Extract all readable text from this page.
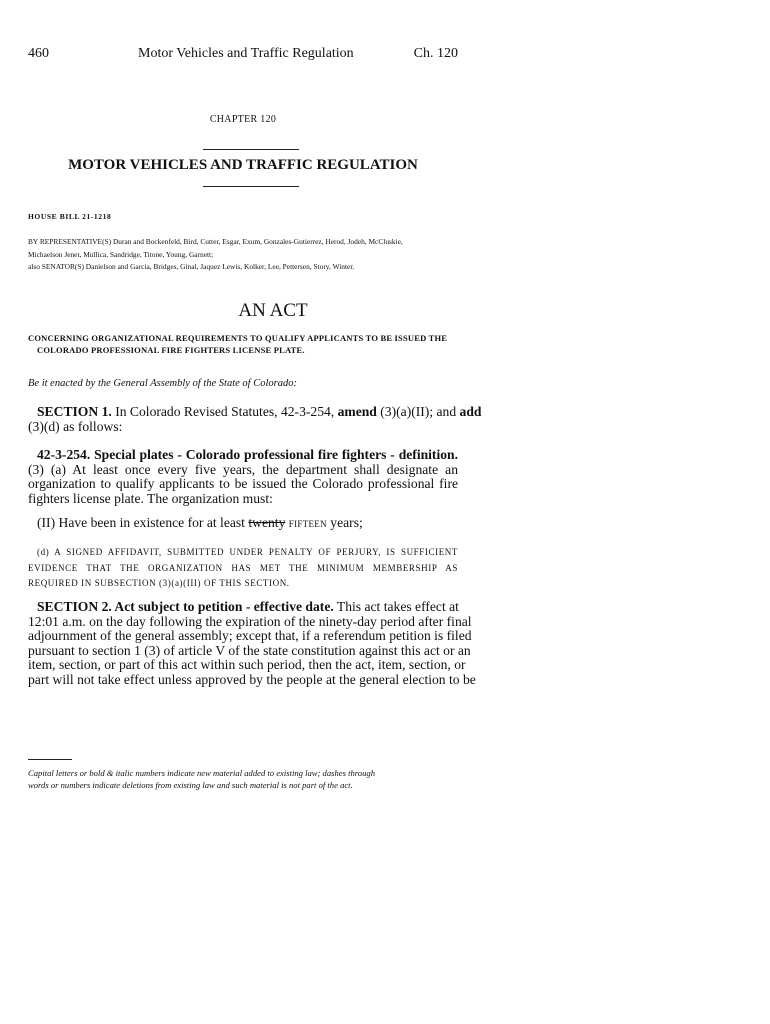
460	Motor Vehicles and Traffic Regulation	Ch. 120
CHAPTER 120
MOTOR VEHICLES AND TRAFFIC REGULATION
HOUSE BILL 21-1218
BY REPRESENTATIVE(S) Duran and Bockenfeld, Bird, Cutter, Esgar, Exum, Gonzales-Gutierrez, Herod, Jodeh, McCluskie,
Michaelson Jenet, Mullica, Sandridge, Titone, Young, Garnett;
also SENATOR(S) Danielson and Garcia, Bridges, Ginal, Jaquez Lewis, Kolker, Lee, Pettersen, Story, Winter.
AN ACT
CONCERNING ORGANIZATIONAL REQUIREMENTS TO QUALIFY APPLICANTS TO BE ISSUED THE
COLORADO PROFESSIONAL FIRE FIGHTERS LICENSE PLATE.
Be it enacted by the General Assembly of the State of Colorado:
SECTION 1. In Colorado Revised Statutes, 42-3-254, amend (3)(a)(II); and add
(3)(d) as follows:
42-3-254. Special plates - Colorado professional fire fighters - definition.
(3) (a) At least once every five years, the department shall designate an
organization to qualify applicants to be issued the Colorado professional fire
fighters license plate. The organization must:
(II) Have been in existence for at least twenty FIFTEEN years;
(d) A SIGNED AFFIDAVIT, SUBMITTED UNDER PENALTY OF PERJURY, IS SUFFICIENT
EVIDENCE THAT THE ORGANIZATION HAS MET THE MINIMUM MEMBERSHIP AS
REQUIRED IN SUBSECTION (3)(a)(III) OF THIS SECTION.
SECTION 2. Act subject to petition - effective date. This act takes effect at
12:01 a.m. on the day following the expiration of the ninety-day period after final
adjournment of the general assembly; except that, if a referendum petition is filed
pursuant to section 1 (3) of article V of the state constitution against this act or an
item, section, or part of this act within such period, then the act, item, section, or
part will not take effect unless approved by the people at the general election to be
Capital letters or bold & italic numbers indicate new material added to existing law; dashes through
words or numbers indicate deletions from existing law and such material is not part of the act.
